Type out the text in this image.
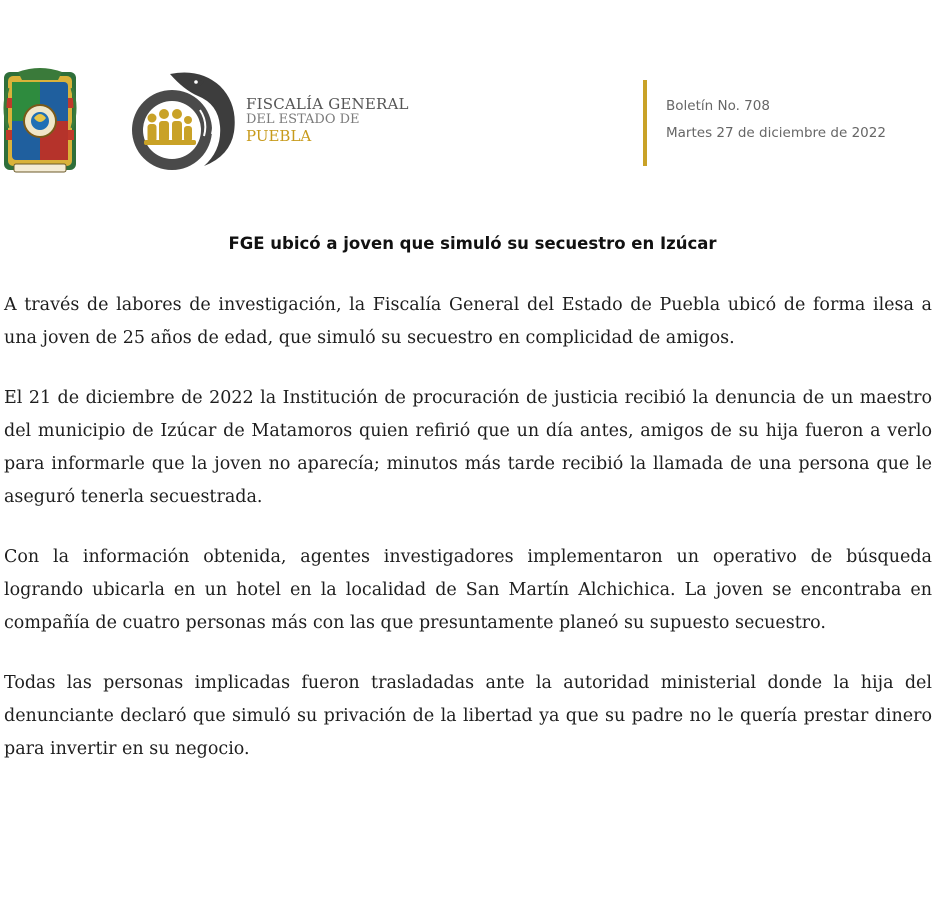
FISCALÍA GENERAL
DEL ESTADO DE
PUEBLA
Boletín No. 708
Martes 27 de diciembre de 2022
FGE ubicó a joven que simuló su secuestro en Izúcar

A través de labores de investigación, la Fiscalía General del Estado de Puebla ubicó de forma ilesa a una joven de 25 años de edad, que simuló su secuestro en complicidad de amigos.

El 21 de diciembre de 2022 la Institución de procuración de justicia recibió la denuncia de un maestro del municipio de Izúcar de Matamoros quien refirió que un día antes, amigos de su hija fueron a verlo para informarle que la joven no aparecía; minutos más tarde recibió la llamada de una persona que le aseguró tenerla secuestrada.

Con la información obtenida, agentes investigadores implementaron un operativo de búsqueda logrando ubicarla en un hotel en la localidad de San Martín Alchichica. La joven se encontraba en compañía de cuatro personas más con las que presuntamente planeó su supuesto secuestro.

Todas las personas implicadas fueron trasladadas ante la autoridad ministerial donde la hija del denunciante declaró que simuló su privación de la libertad ya que su padre no le quería prestar dinero para invertir en su negocio.
